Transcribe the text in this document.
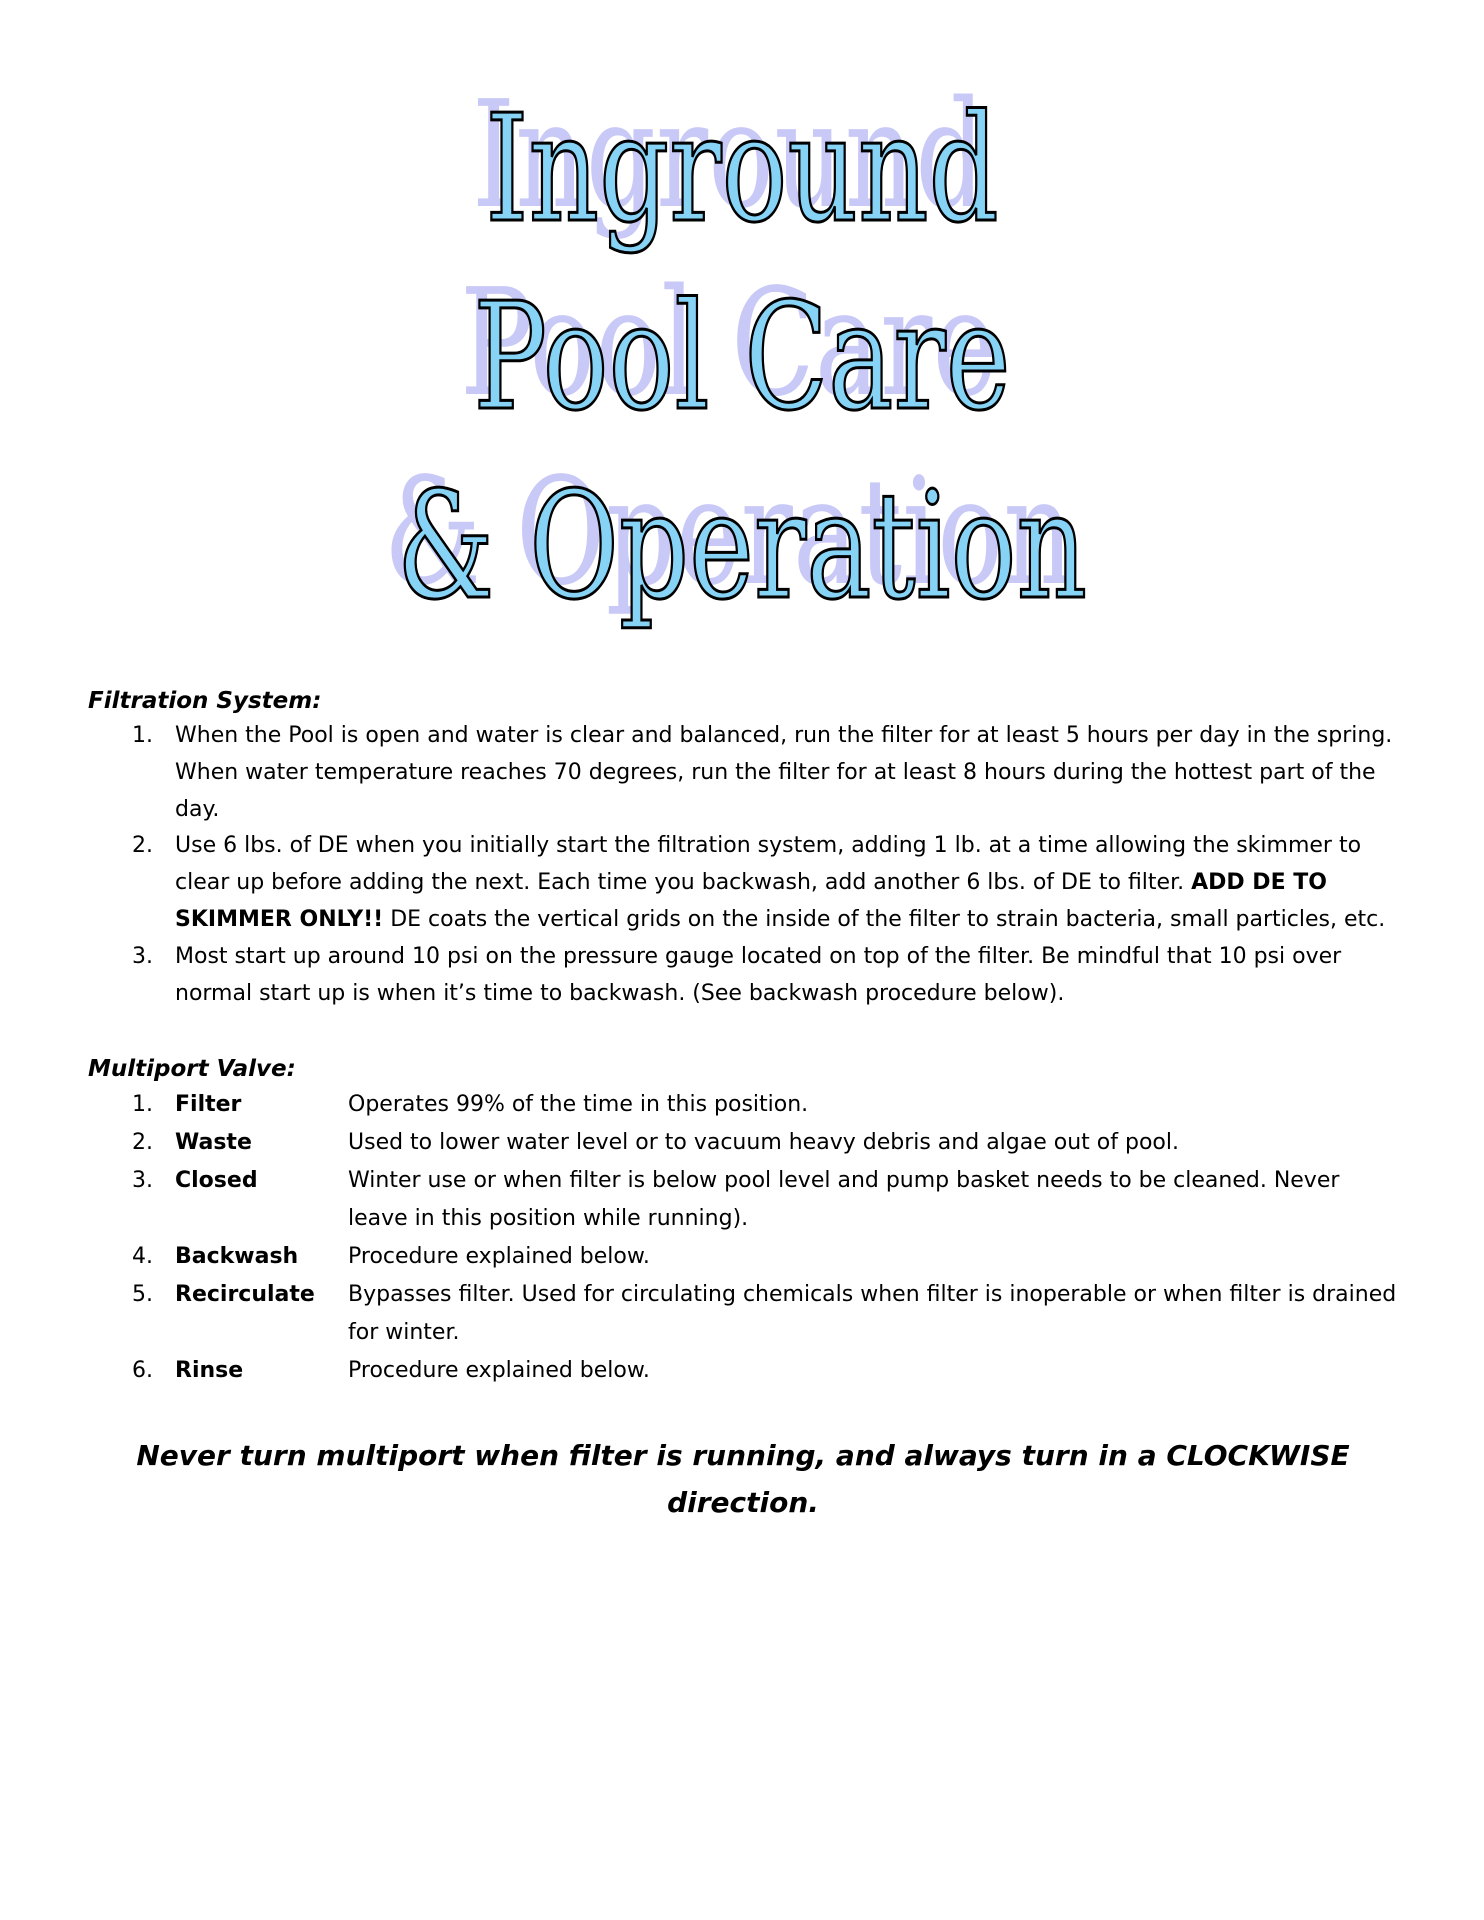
Inground
Pool Care
& Operation
Filtration System:
1. When the Pool is open and water is clear and balanced, run the filter for at least 5 hours per day in the spring. When water temperature reaches 70 degrees, run the filter for at least 8 hours during the hottest part of the day.
2. Use 6 lbs. of DE when you initially start the filtration system, adding 1 lb. at a time allowing the skimmer to clear up before adding the next. Each time you backwash, add another 6 lbs. of DE to filter. ADD DE TO SKIMMER ONLY!! DE coats the vertical grids on the inside of the filter to strain bacteria, small particles, etc.
3. Most start up around 10 psi on the pressure gauge located on top of the filter. Be mindful that 10 psi over normal start up is when it’s time to backwash. (See backwash procedure below).
Multiport Valve:
1. Filter	Operates 99% of the time in this position.
2. Waste	Used to lower water level or to vacuum heavy debris and algae out of pool.
3. Closed	Winter use or when filter is below pool level and pump basket needs to be cleaned. Never leave in this position while running).
4. Backwash Procedure explained below.
5. Recirculate Bypasses filter. Used for circulating chemicals when filter is inoperable or when filter is drained for winter.
6. Rinse	Procedure explained below.
Never turn multiport when filter is running, and always turn in a CLOCKWISE direction.
